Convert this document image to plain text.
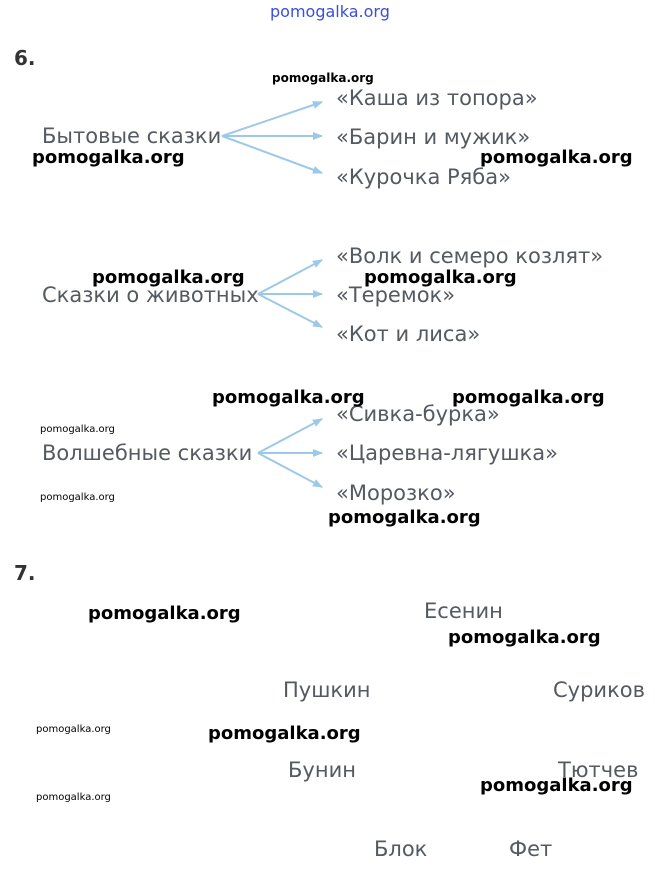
pomogalka.org
6.
Бытовые сказки
«Каша из топора»
«Барин и мужик»
«Курочка Ряба»
Сказки о животных
«Волк и семеро козлят»
«Теремок»
«Кот и лиса»
Волшебные сказки
«Сивка-бурка»
«Царевна-лягушка»
«Морозко»
7.
Есенин
Пушкин	Суриков
Бунин	Тютчев
Блок	Фет
pomogalka.org
pomogalka.org	pomogalka.org
pomogalka.org	pomogalka.org
pomogalka.org	pomogalka.org
pomogalka.org
pomogalka.org
pomogalka.org
pomogalka.org
pomogalka.org
pomogalka.org	pomogalka.org
pomogalka.org
pomogalka.org
